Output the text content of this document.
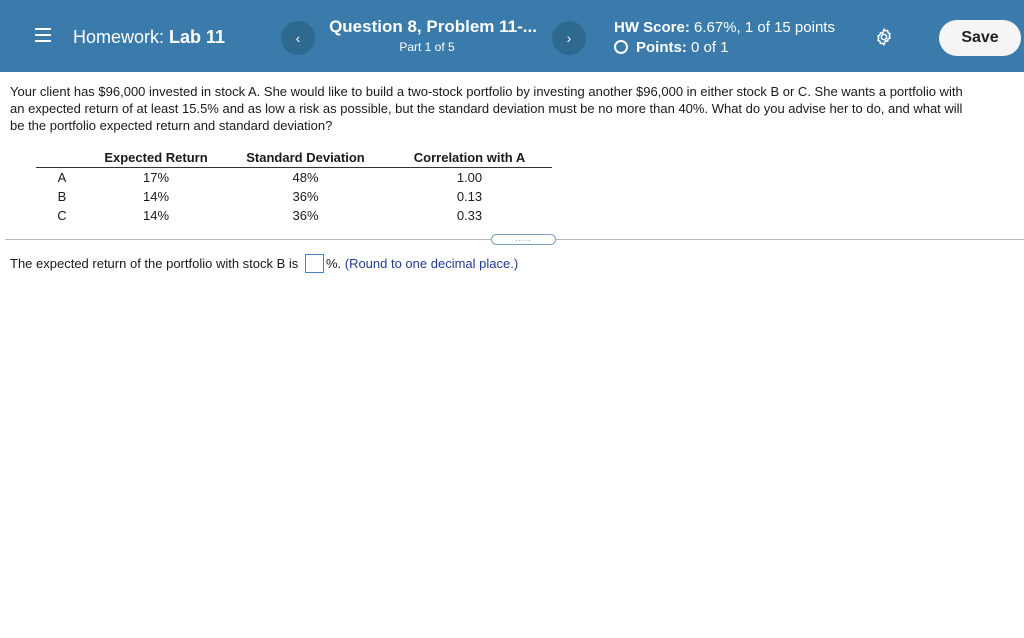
Homework: Lab 11	‹
Question 8, Problem 11-...
Part 1 of 5
›
HW Score: 6.67%, 1 of 15 points
Points: 0 of 1
Save
Your client has $96,000 invested in stock A. She would like to build a two-stock portfolio by investing another $96,000 in either stock B or C. She wants a portfolio with
an expected return of at least 15.5% and as low a risk as possible, but the standard deviation must be no more than 40%. What do you advise her to do, and what will
be the portfolio expected return and standard deviation?
	Expected Return	Standard Deviation	Correlation with A
A	17%	48%	1.00
B	14%	36%	0.13
C	14%	36%	0.33
.....
The expected return of the portfolio with stock B is %. (Round to one decimal place.)
